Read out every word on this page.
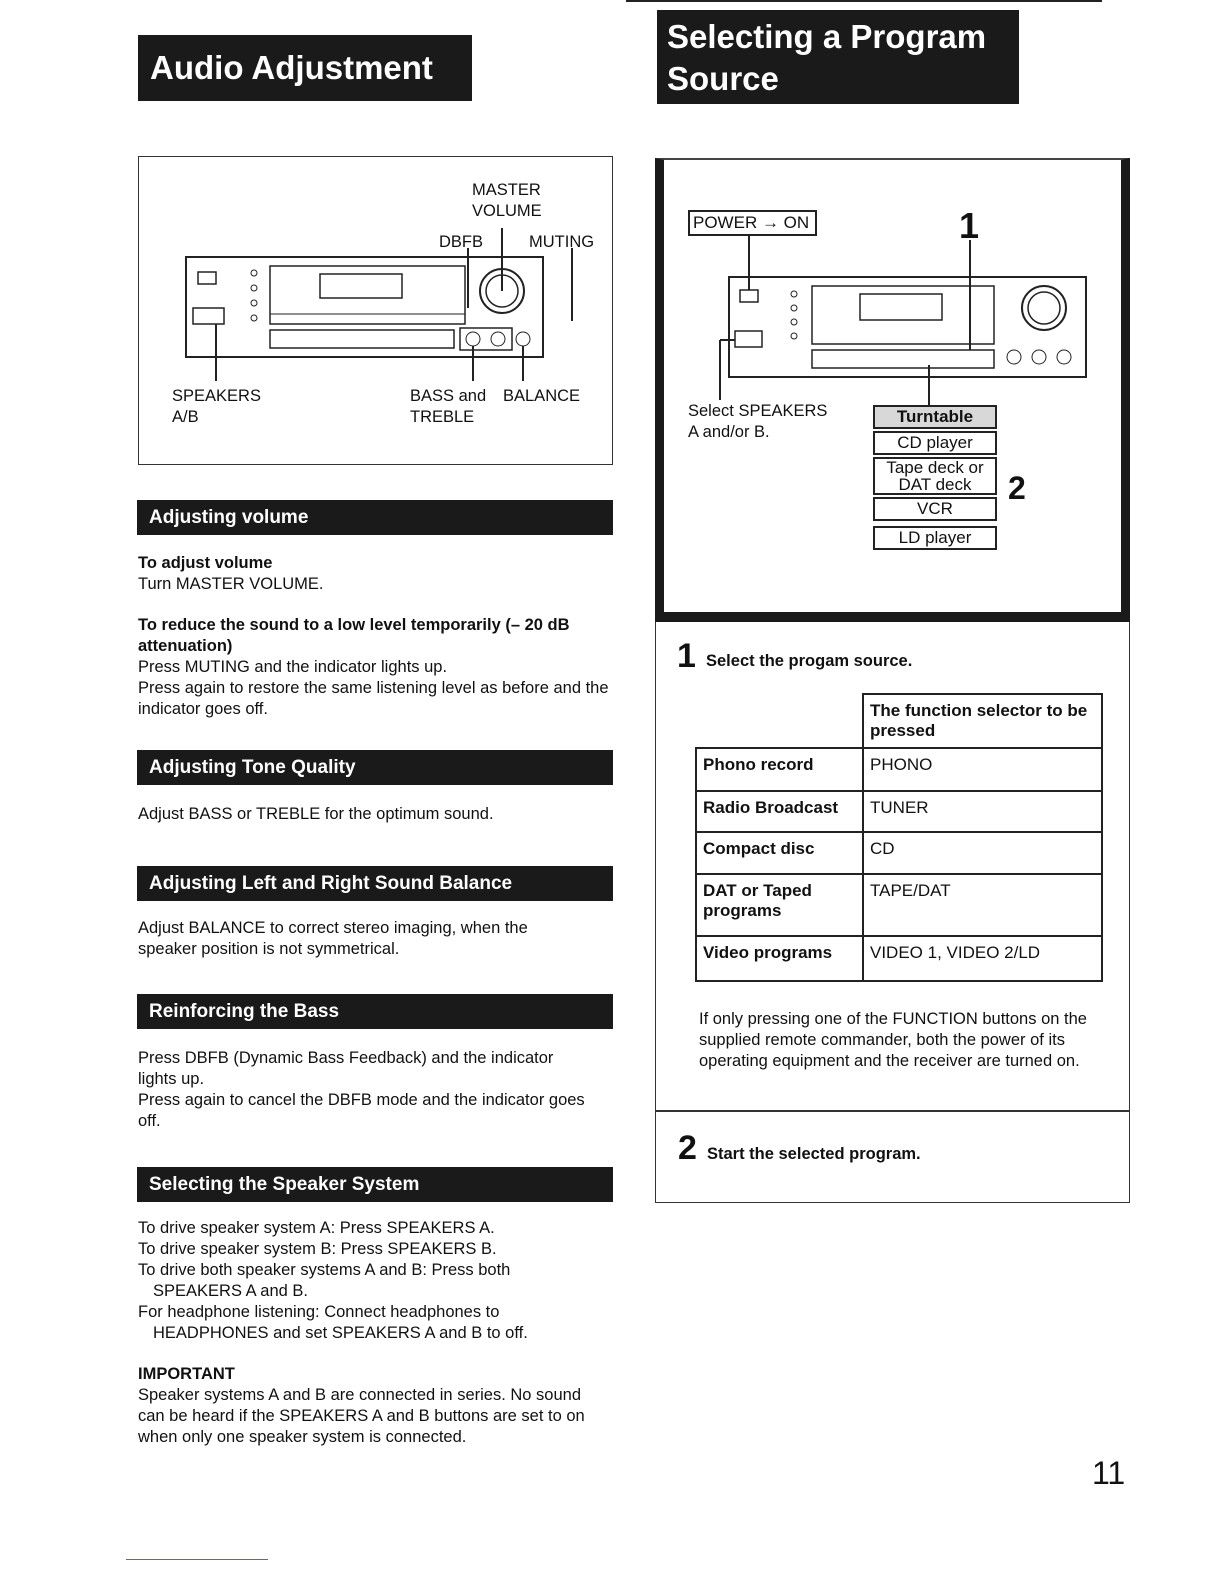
Audio Adjustment
Selecting a Program Source
MASTER VOLUME
DBFB	MUTING
SPEAKERS A/B
BASS and TREBLE
BALANCE
Adjusting volume
To adjust volume
Turn MASTER VOLUME.
To reduce the sound to a low level temporarily (– 20 dB attenuation)
Press MUTING and the indicator lights up.
Press again to restore the same listening level as before and the indicator goes off.
Adjusting Tone Quality
Adjust BASS or TREBLE for the optimum sound.
Adjusting Left and Right Sound Balance
Adjust BALANCE to correct stereo imaging, when the speaker position is not symmetrical.
Reinforcing the Bass
Press DBFB (Dynamic Bass Feedback) and the indicator lights up.
Press again to cancel the DBFB mode and the indicator goes off.
Selecting the Speaker System
To drive speaker system A: Press SPEAKERS A.
To drive speaker system B: Press SPEAKERS B.
To drive both speaker systems A and B: Press both
SPEAKERS A and B.
For headphone listening: Connect headphones to
HEADPHONES and set SPEAKERS A and B to off.
IMPORTANT
Speaker systems A and B are connected in series. No sound can be heard if the SPEAKERS A and B buttons are set to on when only one speaker system is connected.
POWER → ON	1
2
Select SPEAKERS A and/or B.
Turntable
CD player
Tape deck or DAT deck
VCR
LD player
1 Select the progam source.
	The function selector to be pressed
Phono record	PHONO
Radio Broadcast	TUNER
Compact disc	CD
DAT or Taped programs	TAPE/DAT
Video programs	VIDEO 1, VIDEO 2/LD
If only pressing one of the FUNCTION buttons on the supplied remote commander, both the power of its operating equipment and the receiver are turned on.
2 Start the selected program.
11
